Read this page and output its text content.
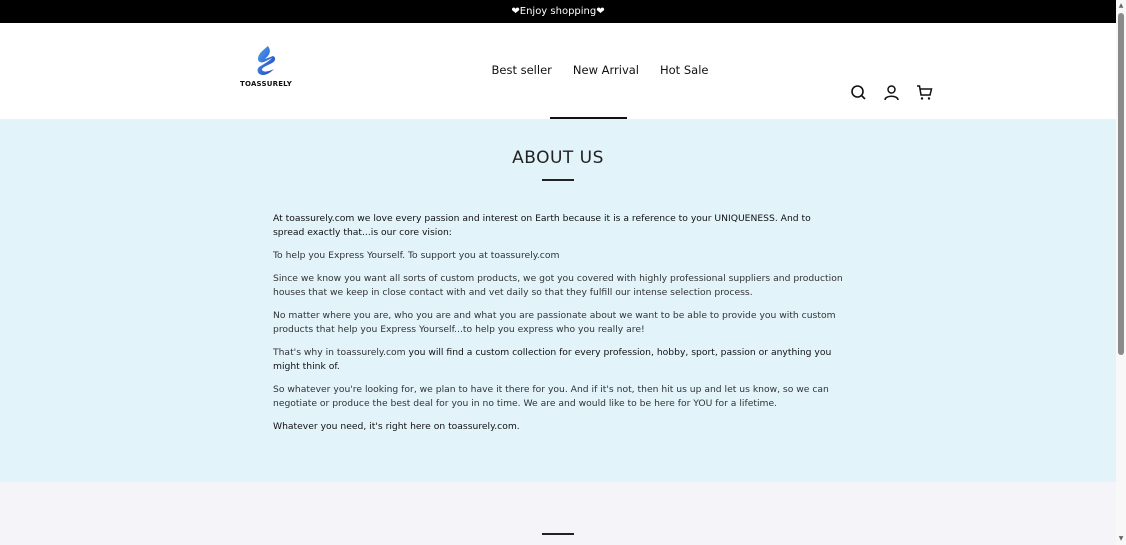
❤Enjoy shopping❤
TOASSURELY
Best seller	New Arrival	Hot Sale
ABOUT US

At toassurely.com we love every passion and interest on Earth because it is a reference to your UNIQUENESS. And to spread exactly that...is our core vision:

To help you Express Yourself. To support you at toassurely.com

Since we know you want all sorts of custom products, we got you covered with highly professional suppliers and production houses that we keep in close contact with and vet daily so that they fulfill our intense selection process.

No matter where you are, who you are and what you are passionate about we want to be able to provide you with custom products that help you Express Yourself...to help you express who you really are!

That's why in toassurely.com you will find a custom collection for every profession, hobby, sport, passion or anything you might think of.

So whatever you're looking for, we plan to have it there for you. And if it's not, then hit us up and let us know, so we can negotiate or produce the best deal for you in no time. We are and would like to be here for YOU for a lifetime.

Whatever you need, it's right here on toassurely.com.

▲
▼
